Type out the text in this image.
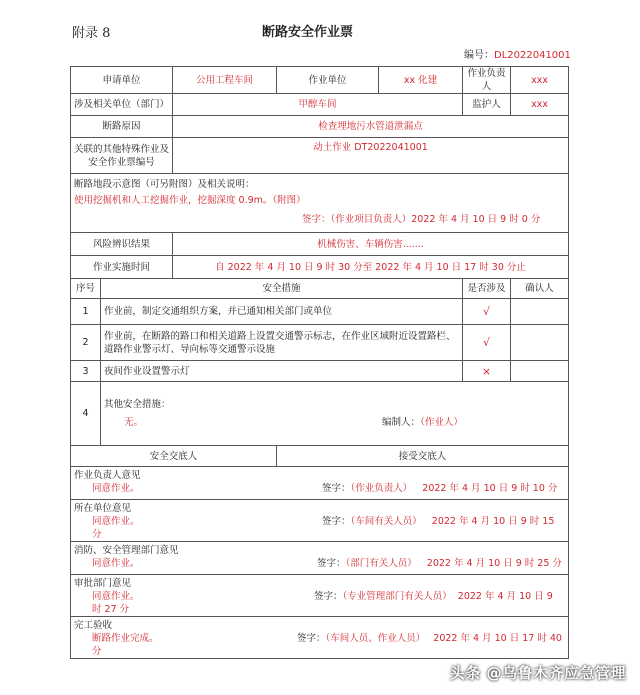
附录 8	断路安全作业票
编号：DL2022041001
申请单位		公用工程车间	作业单位	xx 化建	作业负责人	xxx
涉及相关单位（部门）		甲醇车间			监护人	xxx
断路原因		检查埋地污水管道泄漏点				

关联的其他特殊作业及
安全作业票编号		动土作业 DT2022041001				

断路地段示意图（可另附图）及相关说明：
使用挖掘机和人工挖掘作业，挖掘深度 0.9m。（附图）
签字：（作业项目负责人）2022 年 4 月 10 日 9 时 0 分						

风险辨识结果		机械伤害、车辆伤害.......				
作业实施时间		自 2022 年 4 月 10 日 9 时 30 分至 2022 年 4 月 10 日 17 时 30 分止				
序号	安全措施				是否涉及	确认人
1	作业前，制定交通组织方案，并已通知相关部门或单位				√	
2	作业前，在断路的路口和相关道路上设置交通警示标志，在作业区域附近设置路栏、道路作业警示灯、导向标等交通警示设施				√	
3	夜间作业设置警示灯				×	
4	其他安全措施：
无。 编制人：（作业人）					

安全交底人			接受交底人			

作业负责人意见
同意作业。 签字：（作业负责人） 2022 年 4 月 10 日 9 时 10 分						

所在单位意见
同意作业。 签字：（车间有关人员） 2022 年 4 月 10 日 9 时 15 分						

消防、安全管理部门意见
同意作业。 签字：（部门有关人员） 2022 年 4 月 10 日 9 时 25 分						

审批部门意见
同意作业。 签字：（专业管理部门有关人员） 2022 年 4 月 10 日 9 时 27 分						

完工验收
断路作业完成。 签字：（车间人员、作业人员） 2022 年 4 月 10 日 17 时 40 分						
头条 @乌鲁木齐应急管理
